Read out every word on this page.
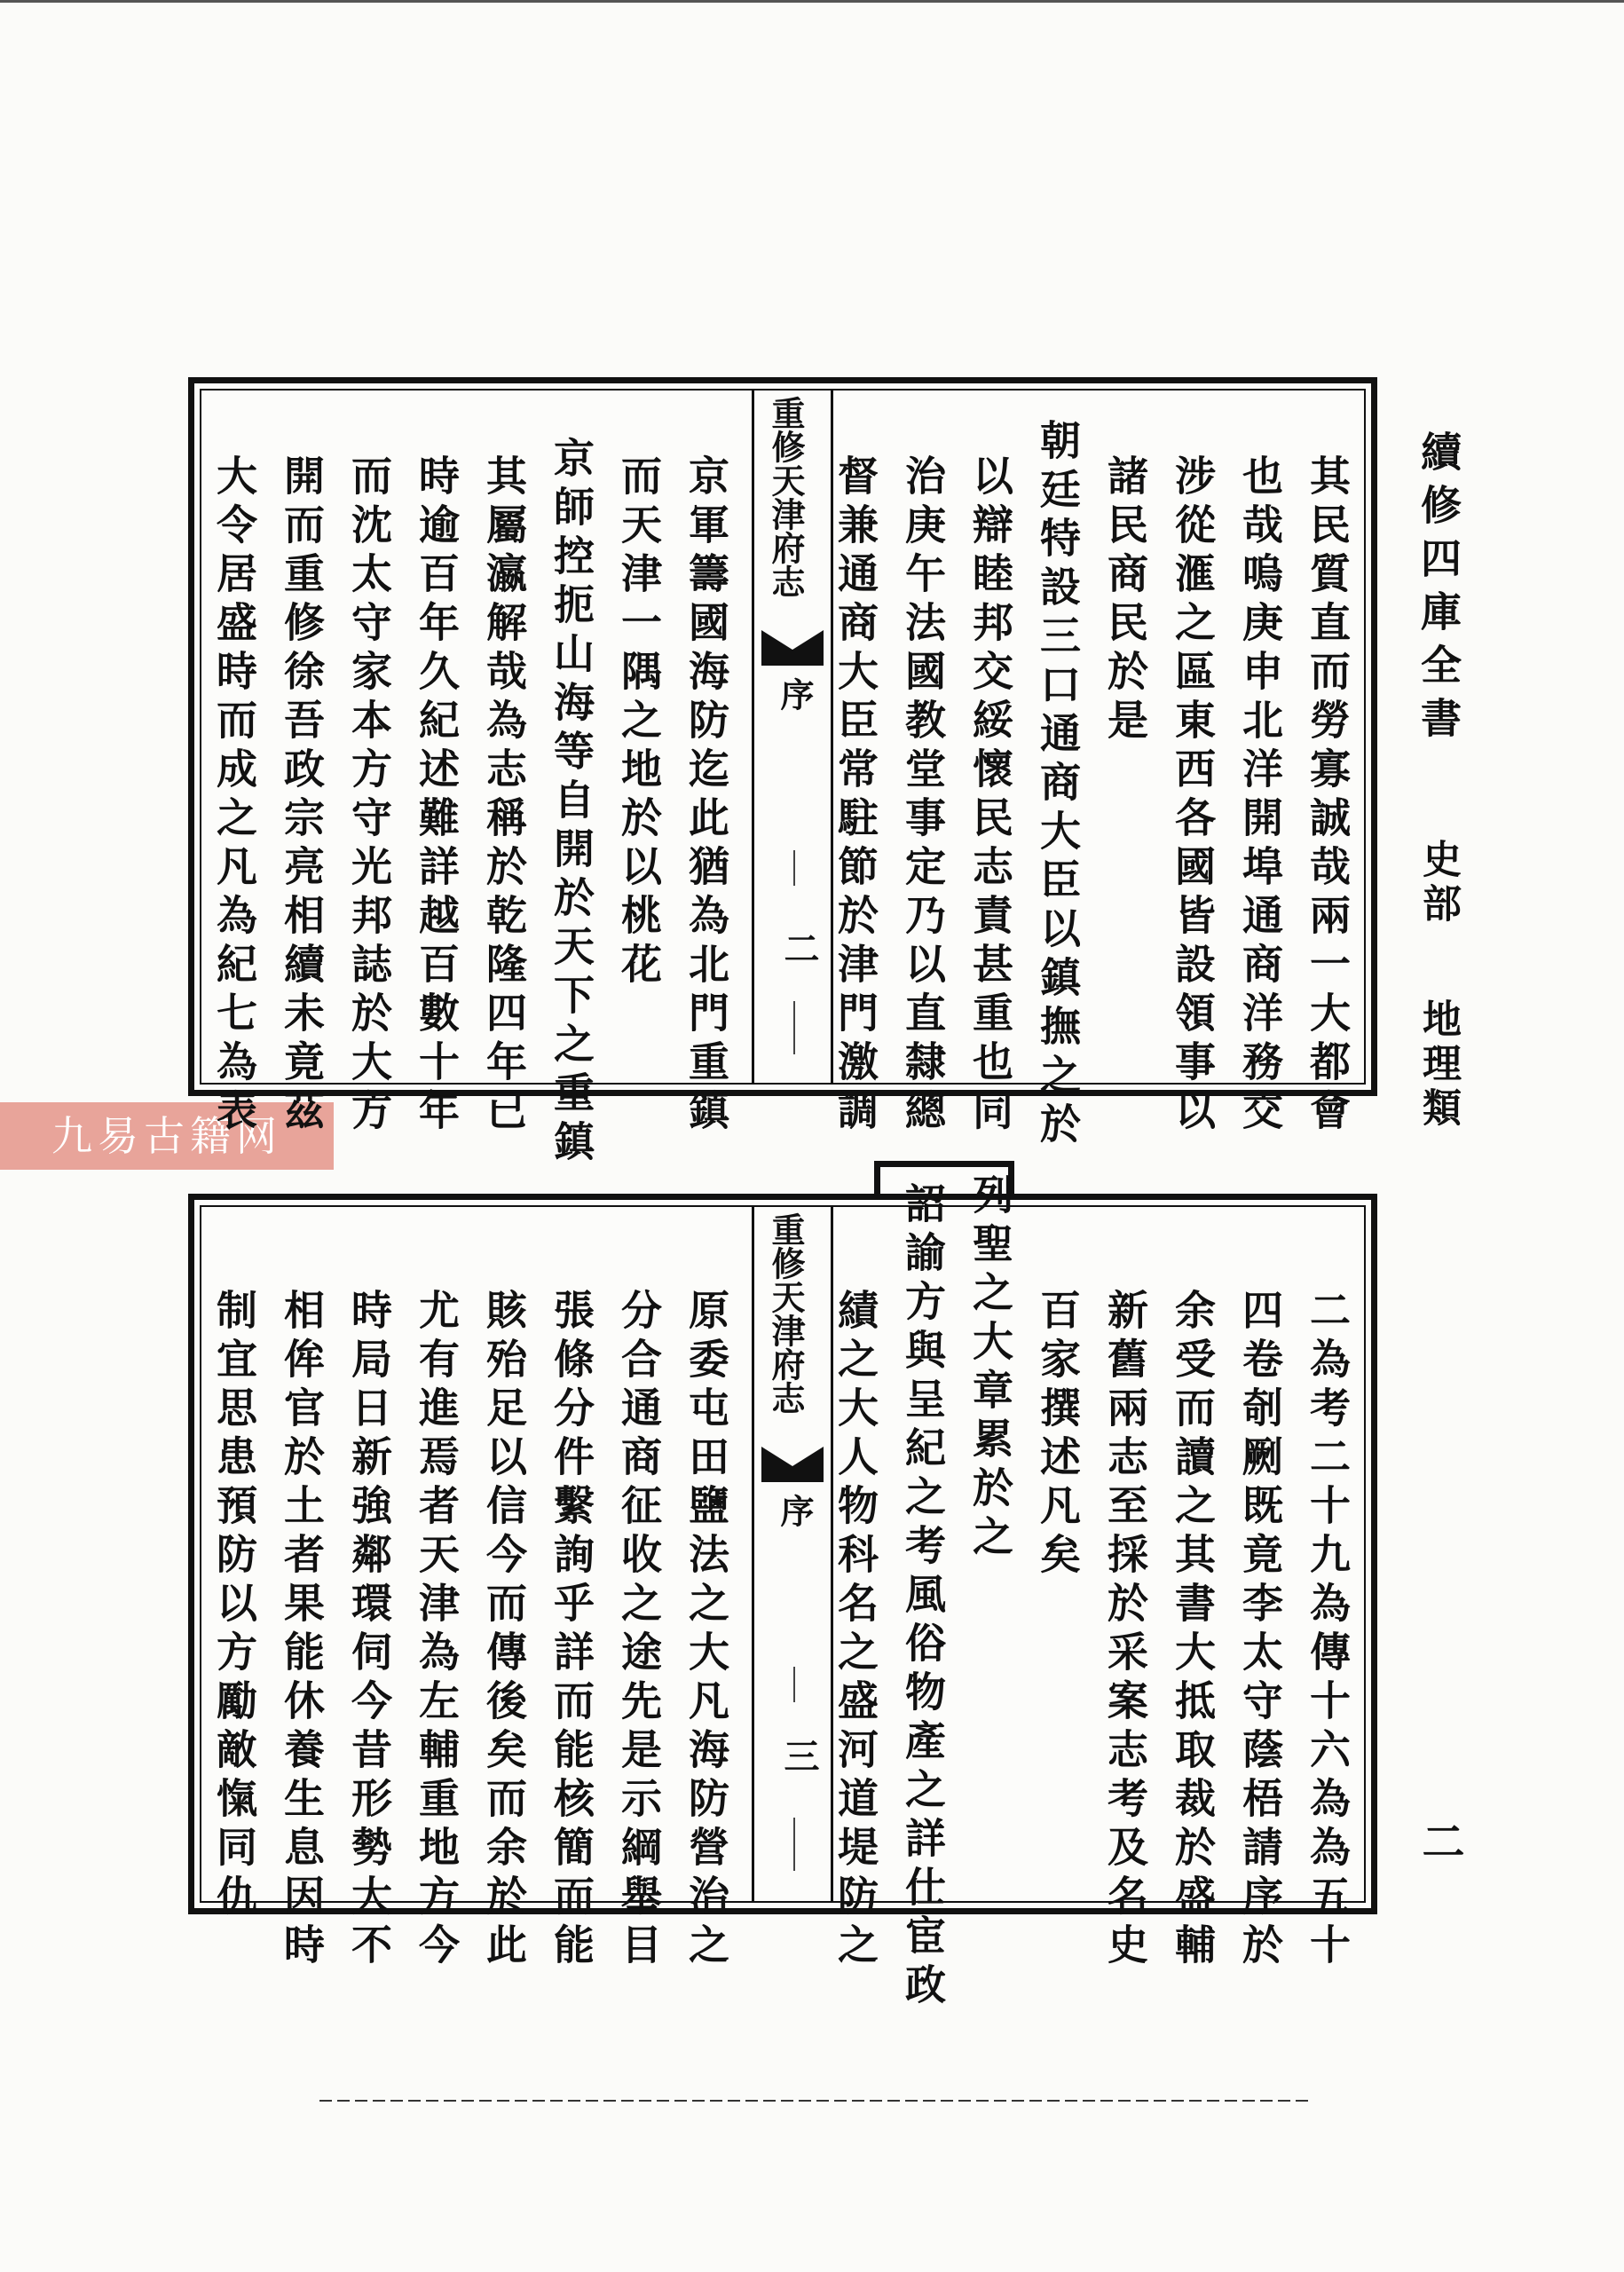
續修四庫全書
史部
地理類
二
九易古籍网
重修天津府志
序
二	其民質直而勞寡誠哉兩一大都會
也哉嗚庚申北洋開埠通商洋務交
涉從滙之區東西各國皆設領事以
諸民商民於是
朝廷特設三口通商大臣以鎮撫之於
以辯睦邦交綏懷民志責甚重也同
治庚午法國教堂事定乃以直隸總
督兼通商大臣常駐節於津門激調
京軍籌國海防迄此猶為北門重鎮
而天津一隅之地於以桃花
京師控扼山海等自開於天下之重鎮
其屬瀛解哉為志稱於乾隆四年已
時逾百年久紀述難詳越百數十年
而沈太守家本方守光邦誌於大方
開而重修徐吾政宗亮相續未竟茲
大令居盛時而成之凡為紀七為表
重修天津府志
序
三	二為考二十九為傳十六為為五十
四卷剞劂既竟李太守蔭梧請序於
余受而讀之其書大抵取裁於盛輔
新舊兩志至採於采案志考及名史
百家撰述凡矣
列聖之大章累於之
詔諭方與呈紀之考風俗物產之詳仕宦政
績之大人物科名之盛河道堤防之
原委屯田鹽法之大凡海防營治之
分合通商征收之途先是示綱舉目
張條分件繫詢乎詳而能核簡而能
賅殆足以信今而傳後矣而余於此
尤有進焉者天津為左輔重地方今
時局日新強鄰環伺今昔形勢大不
相侔官於土者果能休養生息因時
制宜思患預防以方勵敵愾同仇
